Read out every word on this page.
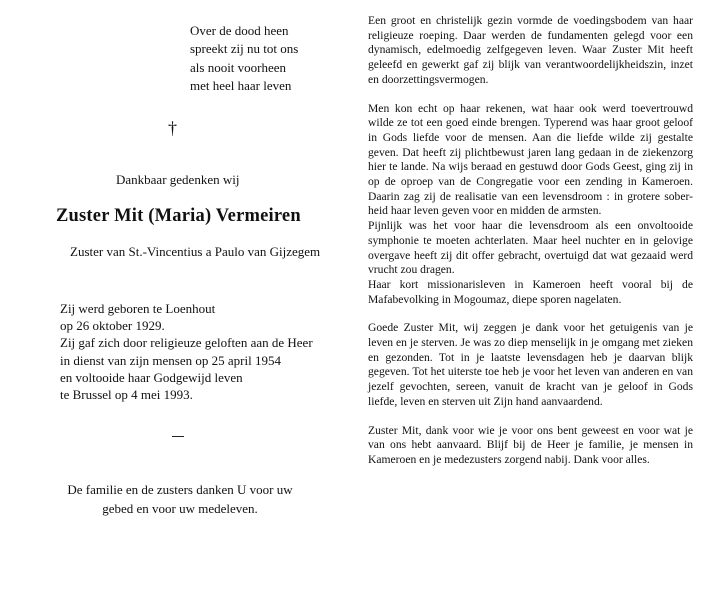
Over de dood heen
spreekt zij nu tot ons
als nooit voorheen
met heel haar leven
†
Dankbaar gedenken wij
Zuster Mit (Maria) Vermeiren
Zuster van St.-Vincentius a Paulo van Gijzegem
Zij werd geboren te Loenhout
op 26 oktober 1929.
Zij gaf zich door religieuze geloften aan de Heer
in dienst van zijn mensen op 25 april 1954
en voltooide haar Godgewijd leven
te Brussel op 4 mei 1993.
De familie en de zusters danken U voor uw
gebed en voor uw medeleven.

Een groot en christelijk gezin vormde de voedingsbodem van haar religieuze roeping. Daar werden de fundamenten gelegd voor een dynamisch, edelmoedig zelfgegeven leven. Waar Zuster Mit heeft geleefd en gewerkt gaf zij blijk van verantwoordelijkheidszin, inzet en doorzettingsvermogen.

Men kon echt op haar rekenen, wat haar ook werd toevertrouwd wilde ze tot een goed einde brengen. Typerend was haar groot geloof in Gods liefde voor de mensen. Aan die liefde wilde zij gestalte geven. Dat heeft zij plichtbewust jaren lang gedaan in de ziekenzorg hier te lande. Na wijs beraad en gestuwd door Gods Geest, ging zij in op de oproep van de Congregatie voor een zending in Kameroen. Daarin zag zij de realisatie van een levensdroom : in grotere sober-heid haar leven geven voor en midden de armsten.

Pijnlijk was het voor haar die levensdroom als een onvoltooide symphonie te moeten achterlaten. Maar heel nuchter en in gelovige overgave heeft zij dit offer gebracht, overtuigd dat wat gezaaid werd vrucht zou dragen.

Haar kort missionarisleven in Kameroen heeft vooral bij de Mafabevolking in Mogoumaz, diepe sporen nagelaten.

Goede Zuster Mit, wij zeggen je dank voor het getuigenis van je leven en je sterven. Je was zo diep menselijk in je omgang met zieken en gezonden. Tot in je laatste levensdagen heb je daarvan blijk gegeven. Tot het uiterste toe heb je voor het leven van anderen en van jezelf gevochten, sereen, vanuit de kracht van je geloof in Gods liefde, leven en sterven uit Zijn hand aanvaardend.

Zuster Mit, dank voor wie je voor ons bent geweest en voor wat je van ons hebt aanvaard. Blijf bij de Heer je familie, je mensen in Kameroen en je medezusters zorgend nabij. Dank voor alles.
